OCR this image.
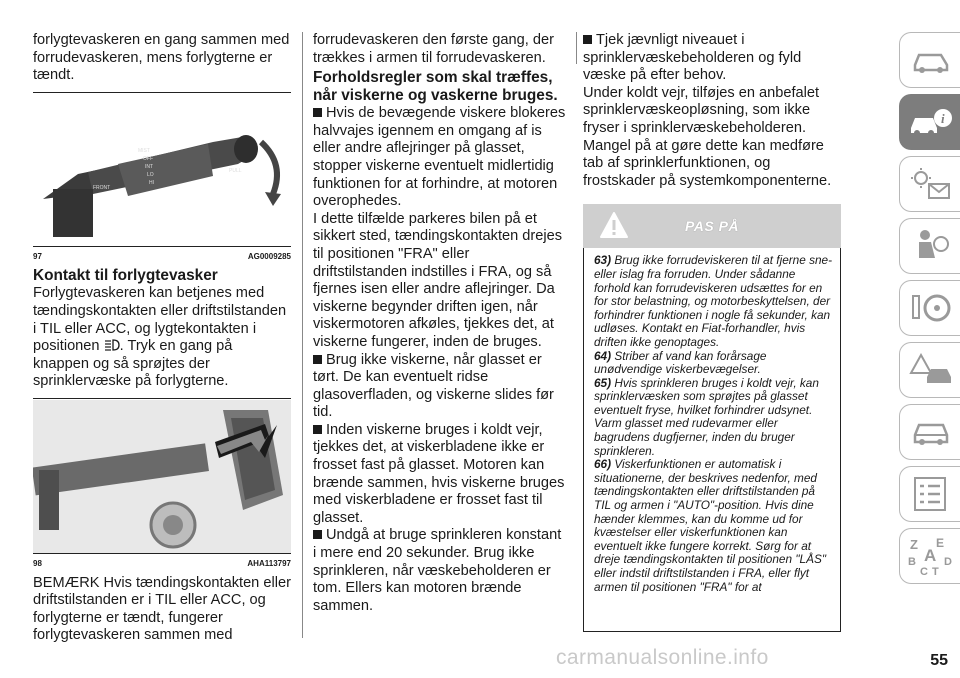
forlygtevaskeren en gang sammen med forrudevaskeren, mens forlygterne er tændt.

MIST
OFF
INT
LO
HI
FRONT
PULL
97	AG0009285

Kontakt til forlygtevasker

Forlygtevaskeren kan betjenes med tændingskontakten eller driftstilstanden i TIL eller ACC, og lygtekontakten i positionen . Tryk en gang på knappen og så sprøjtes der sprinklervæske på forlygterne.

98	AHA113797

BEMÆRK Hvis tændingskontakten eller driftstilstanden er i TIL eller ACC, og forlygterne er tændt, fungerer forlygtevaskeren sammen med

forrudevaskeren den første gang, der trækkes i armen til forrudevaskeren.

Forholdsregler som skal træffes, når viskerne og vaskerne bruges.

Hvis de bevægende viskere blokeres halvvajes igennem en omgang af is eller andre aflejringer på glasset, stopper viskerne eventuelt midlertidig funktionen for at forhindre, at motoren overophedes.

I dette tilfælde parkeres bilen på et sikkert sted, tændingskontakten drejes til positionen "FRA" eller driftstilstanden indstilles i FRA, og så fjernes isen eller andre aflejringer. Da viskerne begynder driften igen, når viskermotoren afkøles, tjekkes det, at viskerne fungerer, inden de bruges.

Brug ikke viskerne, når glasset er tørt. De kan eventuelt ridse glasoverfladen, og viskerne slides før tid.

Inden viskerne bruges i koldt vejr, tjekkes det, at viskerbladene ikke er frosset fast på glasset. Motoren kan brænde sammen, hvis viskerne bruges med viskerbladene er frosset fast til glasset.

Undgå at bruge sprinkleren konstant i mere end 20 sekunder. Brug ikke sprinkleren, når væskebeholderen er tom. Ellers kan motoren brænde sammen.

Tjek jævnligt niveauet i sprinklervæskebeholderen og fyld væske på efter behov.

Under koldt vejr, tilføjes en anbefalet sprinklervæskeopløsning, som ikke fryser i sprinklervæskebeholderen. Mangel på at gøre dette kan medføre tab af sprinklerfunktionen, og frostskader på systemkomponenterne.

PAS PÅ

63) Brug ikke forrudeviskeren til at fjerne sne- eller islag fra forruden. Under sådanne forhold kan forrudeviskeren udsættes for en for stor belastning, og motorbeskyttelsen, der forhindrer funktionen i nogle få sekunder, kan udløses. Kontakt en Fiat-forhandler, hvis driften ikke genoptages.

64) Striber af vand kan forårsage unødvendige viskerbevægelser.

65) Hvis sprinkleren bruges i koldt vejr, kan sprinklervæsken som sprøjtes på glasset eventuelt fryse, hvilket forhindrer udsynet. Varm glasset med rudevarmer eller bagrudens dugfjerner, inden du bruger sprinkleren.

66) Viskerfunktionen er automatisk i situationerne, der beskrives nedenfor, med tændingskontakten eller driftstilstanden på TIL og armen i "AUTO"-position. Hvis dine hænder klemmes, kan du komme ud for kvæstelser eller viskerfunktionen kan eventuelt ikke fungere korrekt. Sørg for at dreje tændingskontakten til positionen "LÅS" eller indstil driftstilstanden i FRA, eller flyt armen til positionen "FRA" for at

i
Z E
A
B	D
C T
carmanualsonline.info	55
